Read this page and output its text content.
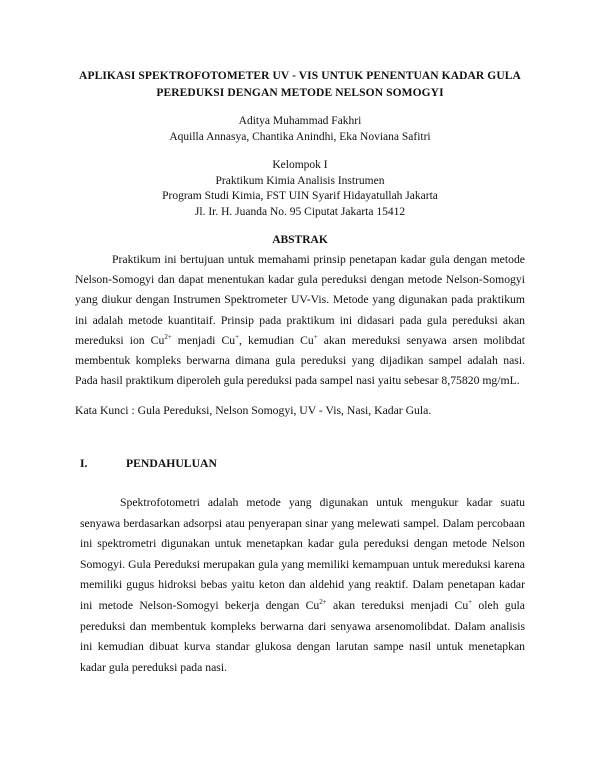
APLIKASI SPEKTROFOTOMETER UV - VIS UNTUK PENENTUAN KADAR GULA
PEREDUKSI DENGAN METODE NELSON SOMOGYI
Aditya Muhammad Fakhri
Aquilla Annasya, Chantika Anindhi, Eka Noviana Safitri
Kelompok I
Praktikum Kimia Analisis Instrumen
Program Studi Kimia, FST UIN Syarif Hidayatullah Jakarta
Jl. Ir. H. Juanda No. 95 Ciputat Jakarta 15412
ABSTRAK

Praktikum ini bertujuan untuk memahami prinsip penetapan kadar gula dengan metode Nelson-Somogyi dan dapat menentukan kadar gula pereduksi dengan metode Nelson-Somogyi yang diukur dengan Instrumen Spektrometer UV-Vis. Metode yang digunakan pada praktikum ini adalah metode kuantitaif. Prinsip pada praktikum ini didasari pada gula pereduksi akan mereduksi ion $Cu^{2+}$ menjadi Cu+, kemudian Cu+ akan mereduksi senyawa arsen molibdat membentuk kompleks berwarna dimana gula pereduksi yang dijadikan sampel adalah nasi. Pada hasil praktikum diperoleh gula pereduksi pada sampel nasi yaitu sebesar 8,75820 mg/mL.

Kata Kunci : Gula Pereduksi, Nelson Somogyi, UV - Vis, Nasi, Kadar Gula.
I.	PENDAHULUAN

Spektrofotometri adalah metode yang digunakan untuk mengukur kadar suatu senyawa berdasarkan adsorpsi atau penyerapan sinar yang melewati sampel. Dalam percobaan ini spektrometri digunakan untuk menetapkan kadar gula pereduksi dengan metode Nelson Somogyi. Gula Pereduksi merupakan gula yang memiliki kemampuan untuk mereduksi karena memiliki gugus hidroksi bebas yaitu keton dan aldehid yang reaktif. Dalam penetapan kadar ini metode Nelson-Somogyi bekerja dengan $Cu^{2+}$ akan tereduksi menjadi Cu+ oleh gula pereduksi dan membentuk kompleks berwarna dari senyawa arsenomolibdat. Dalam analisis ini kemudian dibuat kurva standar glukosa dengan larutan sampe nasil untuk menetapkan kadar gula pereduksi pada nasi.
